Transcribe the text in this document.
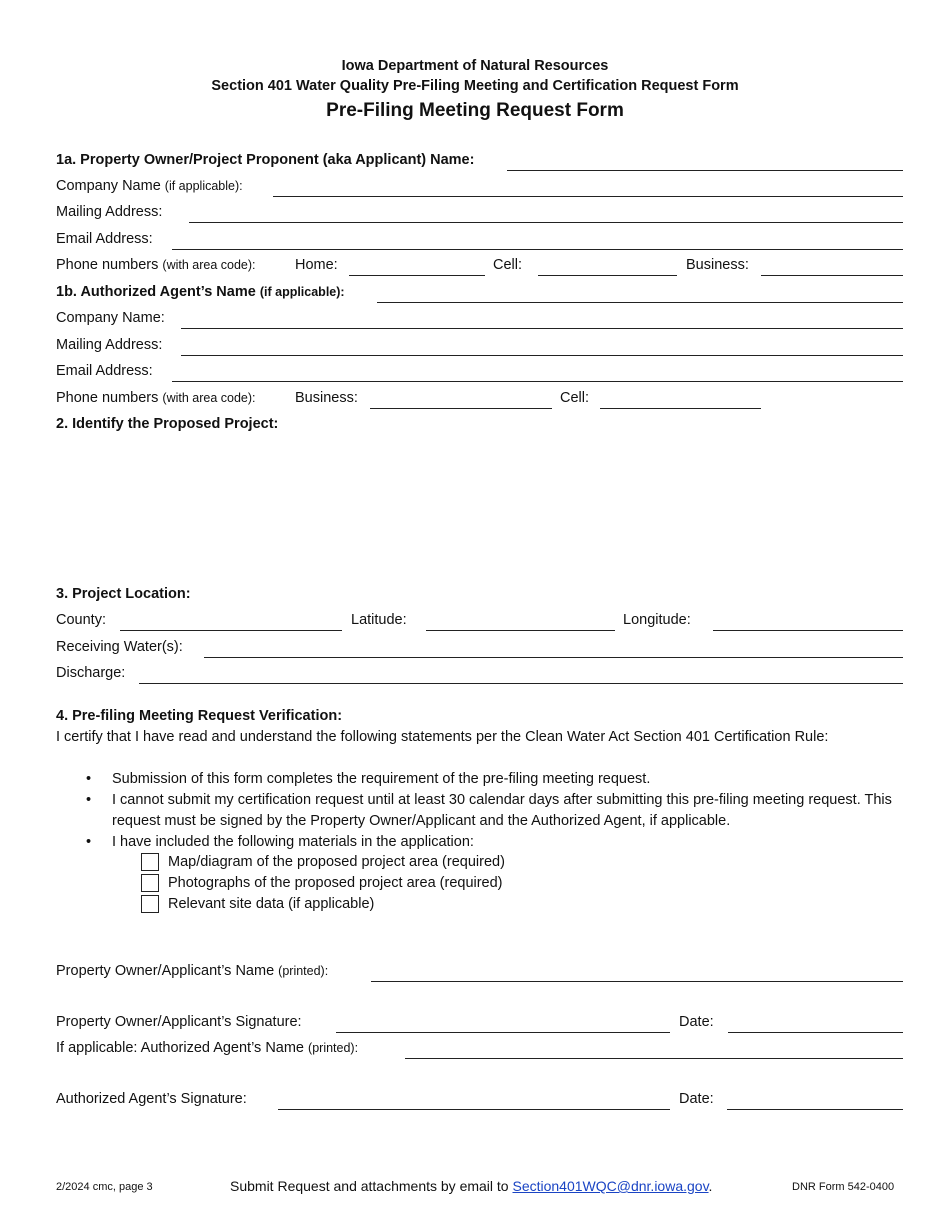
Iowa Department of Natural Resources
Section 401 Water Quality Pre-Filing Meeting and Certification Request Form
Pre-Filing Meeting Request Form
1a. Property Owner/Project Proponent (aka Applicant) Name:
Company Name (if applicable):
Mailing Address:
Email Address:
Phone numbers (with area code):	Home:	Cell:	Business:
1b. Authorized Agent’s Name (if applicable):
Company Name:
Mailing Address:
Email Address:
Phone numbers (with area code):	Business:	Cell:
2. Identify the Proposed Project:
3. Project Location:
County:	Latitude:	Longitude:
Receiving Water(s):
Discharge:
4. Pre-filing Meeting Request Verification:
I certify that I have read and understand the following statements per the Clean Water Act Section 401 Certification Rule:
• Submission of this form completes the requirement of the pre-filing meeting request.
• I cannot submit my certification request until at least 30 calendar days after submitting this pre-filing meeting request. This request must be signed by the Property Owner/Applicant and the Authorized Agent, if applicable.
• I have included the following materials in the application:
Map/diagram of the proposed project area (required)
Photographs of the proposed project area (required)
Relevant site data (if applicable)
Property Owner/Applicant’s Name (printed):
Property Owner/Applicant’s Signature:	Date:
If applicable: Authorized Agent’s Name (printed):
Authorized Agent’s Signature:	Date:
2/2024 cmc, page 3	Submit Request and attachments by email to Section401WQC@dnr.iowa.gov.	DNR Form 542-0400
